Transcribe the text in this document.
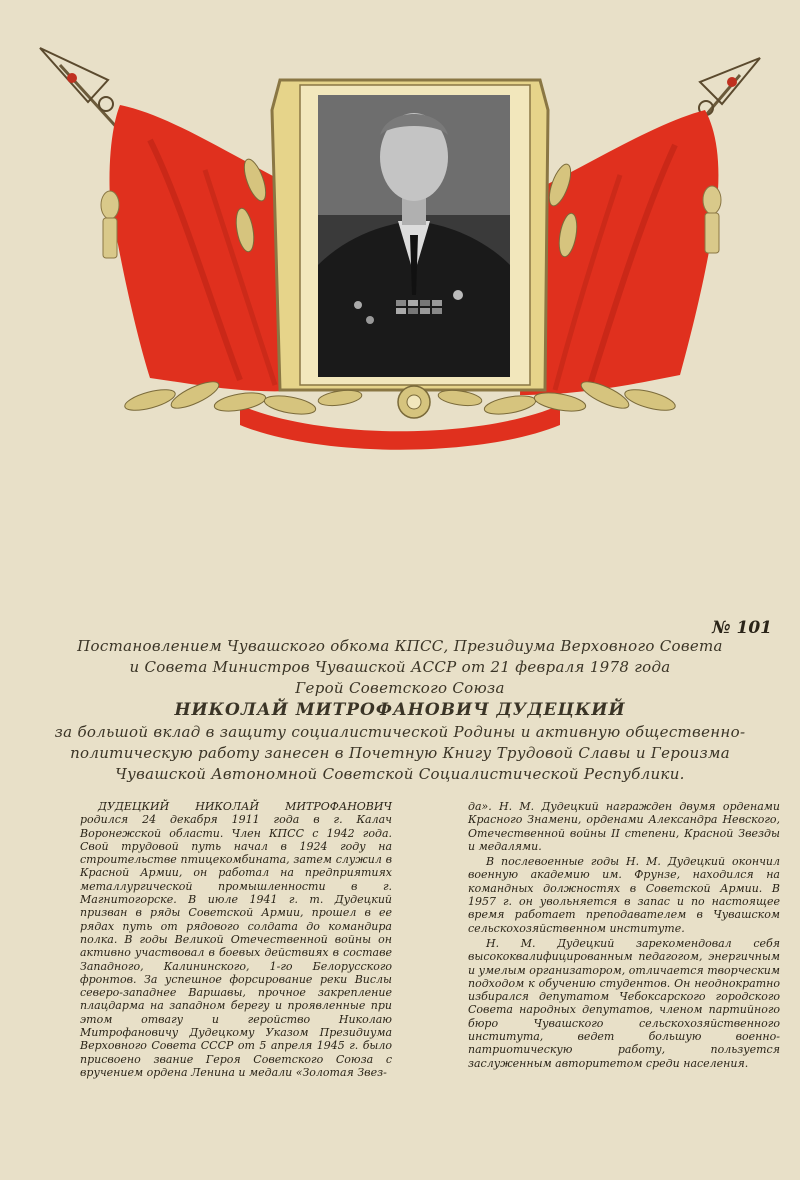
№ 101
Постановлением Чувашского обкома КПСС, Президиума Верховного Совета
и Совета Министров Чувашской АССР от 21 февраля 1978 года
Герой Советского Союза
НИКОЛАЙ МИТРОФАНОВИЧ ДУДЕЦКИЙ
за большой вклад в защиту социалистической Родины и активную общественно-
политическую работу занесен в Почетную Книгу Трудовой Славы и Героизма
Чувашской Автономной Советской Социалистической Республики.

ДУДЕЦКИЙ НИКОЛАЙ МИТРОФАНОВИЧ родился 24 декабря 1911 года в г. Калач Воронежской области. Член КПСС с 1942 года. Свой трудовой путь начал в 1924 году на строительстве птицекомбината, затем служил в Красной Армии, он работал на предприятиях металлургической промышленности в г. Магнитогорске. В июле 1941 г. т. Дудецкий призван в ряды Советской Армии, прошел в ее рядах путь от рядового солдата до командира полка. В годы Великой Отечественной войны он активно участвовал в боевых действиях в составе Западного, Калининского, 1-го Белорусского фронтов. За успешное форсирование реки Вислы северо-западнее Варшавы, прочное закрепление плацдарма на западном берегу и проявленные при этом отвагу и геройство Николаю Митрофановичу Дудецкому Указом Президиума Верховного Совета СССР от 5 апреля 1945 г. было присвоено звание Героя Советского Союза с вручением ордена Ленина и медали «Золотая Звез-

да». Н. М. Дудецкий награжден двумя орденами Красного Знамени, орденами Александра Невского, Отечественной войны II степени, Красной Звезды и медалями.

В послевоенные годы Н. М. Дудецкий окончил военную академию им. Фрунзе, находился на командных должностях в Советской Армии. В 1957 г. он увольняется в запас и по настоящее время работает преподавателем в Чувашском сельскохозяйственном институте.

Н. М. Дудецкий зарекомендовал себя высококвалифицированным педагогом, энергичным и умелым организатором, отличается творческим подходом к обучению студентов. Он неоднократно избирался депутатом Чебоксарского городского Совета народных депутатов, членом партийного бюро Чувашского сельскохозяйственного института, ведет большую военно-патриотическую работу, пользуется заслуженным авторитетом среди населения.
